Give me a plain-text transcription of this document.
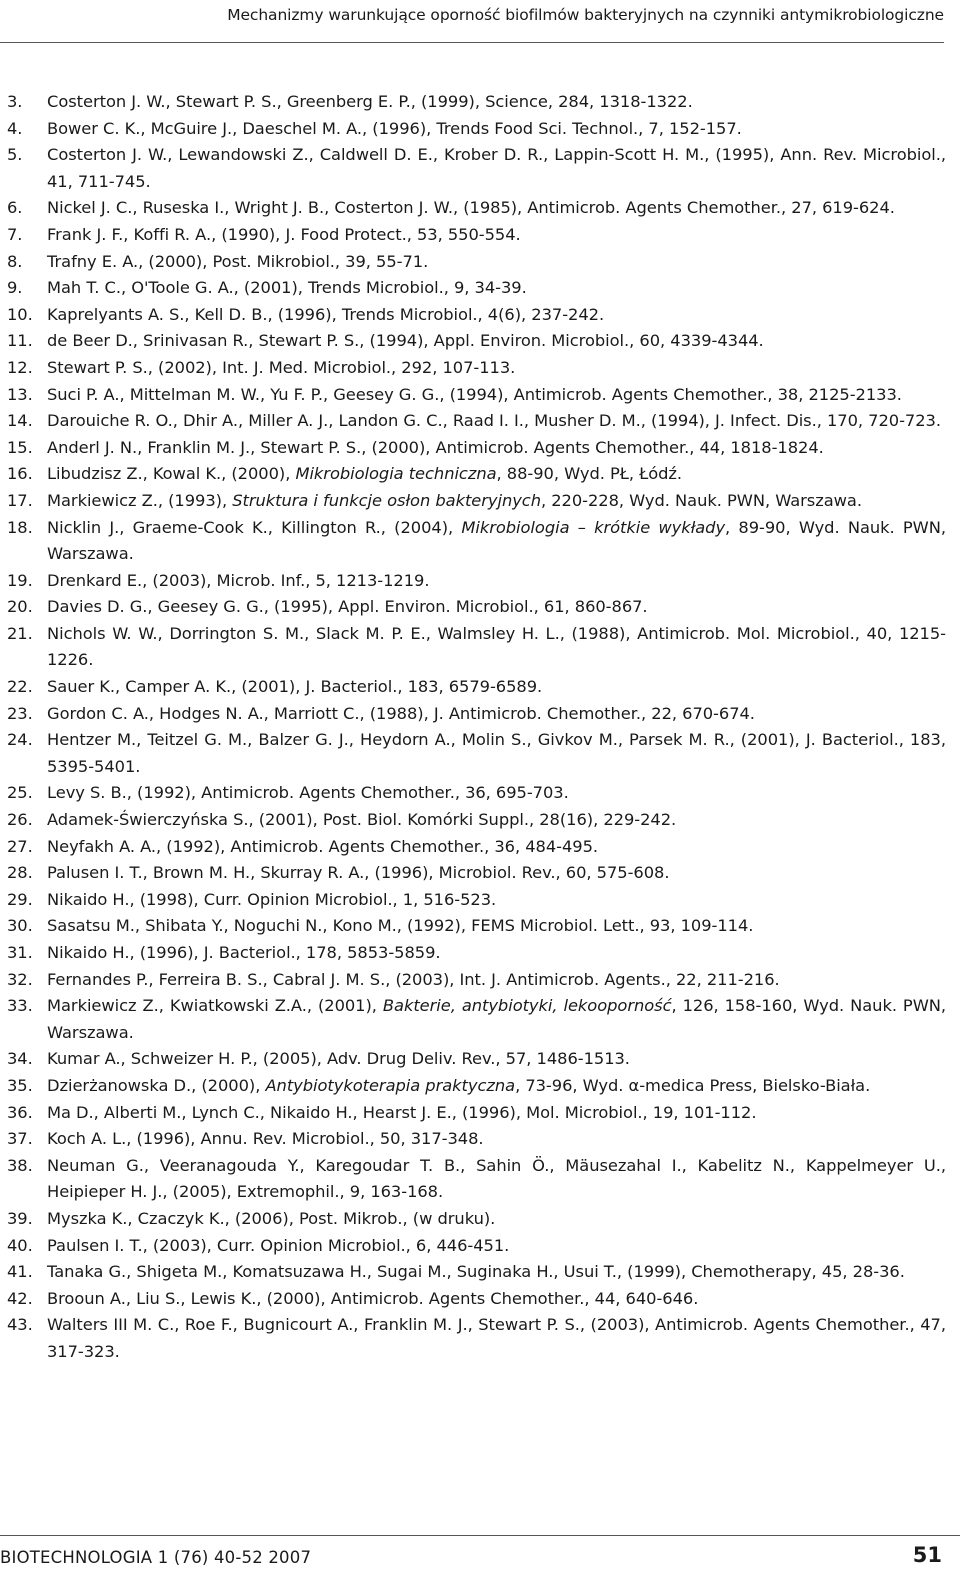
Mechanizmy warunkujące oporność biofilmów bakteryjnych na czynniki antymikrobiologiczne
3.	Costerton J. W., Stewart P. S., Greenberg E. P., (1999), Science, 284, 1318-1322.
4.	Bower C. K., McGuire J., Daeschel M. A., (1996), Trends Food Sci. Technol., 7, 152-157.
5.	Costerton J. W., Lewandowski Z., Caldwell D. E., Krober D. R., Lappin-Scott H. M., (1995), Ann. Rev. Microbiol., 41, 711-745.
6.	Nickel J. C., Ruseska I., Wright J. B., Costerton J. W., (1985), Antimicrob. Agents Chemother., 27, 619-624.
7.	Frank J. F., Koffi R. A., (1990), J. Food Protect., 53, 550-554.
8.	Trafny E. A., (2000), Post. Mikrobiol., 39, 55-71.
9.	Mah T. C., O'Toole G. A., (2001), Trends Microbiol., 9, 34-39.
10. Kaprelyants A. S., Kell D. B., (1996), Trends Microbiol., 4(6), 237-242.
11. de Beer D., Srinivasan R., Stewart P. S., (1994), Appl. Environ. Microbiol., 60, 4339-4344.
12. Stewart P. S., (2002), Int. J. Med. Microbiol., 292, 107-113.
13. Suci P. A., Mittelman M. W., Yu F. P., Geesey G. G., (1994), Antimicrob. Agents Chemother., 38, 2125-2133.
14. Darouiche R. O., Dhir A., Miller A. J., Landon G. C., Raad I. I., Musher D. M., (1994), J. Infect. Dis., 170, 720-723.
15. Anderl J. N., Franklin M. J., Stewart P. S., (2000), Antimicrob. Agents Chemother., 44, 1818-1824.
16. Libudzisz Z., Kowal K., (2000), Mikrobiologia techniczna, 88-90, Wyd. PŁ, Łódź.
17. Markiewicz Z., (1993), Struktura i funkcje osłon bakteryjnych, 220-228, Wyd. Nauk. PWN, Warszawa.
18. Nicklin J., Graeme-Cook K., Killington R., (2004), Mikrobiologia – krótkie wykłady, 89-90, Wyd. Nauk. PWN, Warszawa.
19. Drenkard E., (2003), Microb. Inf., 5, 1213-1219.
20. Davies D. G., Geesey G. G., (1995), Appl. Environ. Microbiol., 61, 860-867.
21. Nichols W. W., Dorrington S. M., Slack M. P. E., Walmsley H. L., (1988), Antimicrob. Mol. Microbiol., 40, 1215-1226.
22. Sauer K., Camper A. K., (2001), J. Bacteriol., 183, 6579-6589.
23. Gordon C. A., Hodges N. A., Marriott C., (1988), J. Antimicrob. Chemother., 22, 670-674.
24. Hentzer M., Teitzel G. M., Balzer G. J., Heydorn A., Molin S., Givkov M., Parsek M. R., (2001), J. Bacteriol., 183, 5395-5401.
25. Levy S. B., (1992), Antimicrob. Agents Chemother., 36, 695-703.
26. Adamek-Świerczyńska S., (2001), Post. Biol. Komórki Suppl., 28(16), 229-242.
27. Neyfakh A. A., (1992), Antimicrob. Agents Chemother., 36, 484-495.
28. Palusen I. T., Brown M. H., Skurray R. A., (1996), Microbiol. Rev., 60, 575-608.
29. Nikaido H., (1998), Curr. Opinion Microbiol., 1, 516-523.
30. Sasatsu M., Shibata Y., Noguchi N., Kono M., (1992), FEMS Microbiol. Lett., 93, 109-114.
31. Nikaido H., (1996), J. Bacteriol., 178, 5853-5859.
32. Fernandes P., Ferreira B. S., Cabral J. M. S., (2003), Int. J. Antimicrob. Agents., 22, 211-216.
33. Markiewicz Z., Kwiatkowski Z.A., (2001), Bakterie, antybiotyki, lekooporność, 126, 158-160, Wyd. Nauk. PWN, Warszawa.
34. Kumar A., Schweizer H. P., (2005), Adv. Drug Deliv. Rev., 57, 1486-1513.
35. Dzierżanowska D., (2000), Antybiotykoterapia praktyczna, 73-96, Wyd. α-medica Press, Bielsko-Biała.
36. Ma D., Alberti M., Lynch C., Nikaido H., Hearst J. E., (1996), Mol. Microbiol., 19, 101-112.
37. Koch A. L., (1996), Annu. Rev. Microbiol., 50, 317-348.
38. Neuman G., Veeranagouda Y., Karegoudar T. B., Sahin Ö., Mäusezahal I., Kabelitz N., Kappelmeyer U., Heipieper H. J., (2005), Extremophil., 9, 163-168.
39. Myszka K., Czaczyk K., (2006), Post. Mikrob., (w druku).
40. Paulsen I. T., (2003), Curr. Opinion Microbiol., 6, 446-451.
41. Tanaka G., Shigeta M., Komatsuzawa H., Sugai M., Suginaka H., Usui T., (1999), Chemotherapy, 45, 28-36.
42. Brooun A., Liu S., Lewis K., (2000), Antimicrob. Agents Chemother., 44, 640-646.
43. Walters III M. C., Roe F., Bugnicourt A., Franklin M. J., Stewart P. S., (2003), Antimicrob. Agents Chemother., 47, 317-323.
BIOTECHNOLOGIA 1 (76) 40-52 2007	51
